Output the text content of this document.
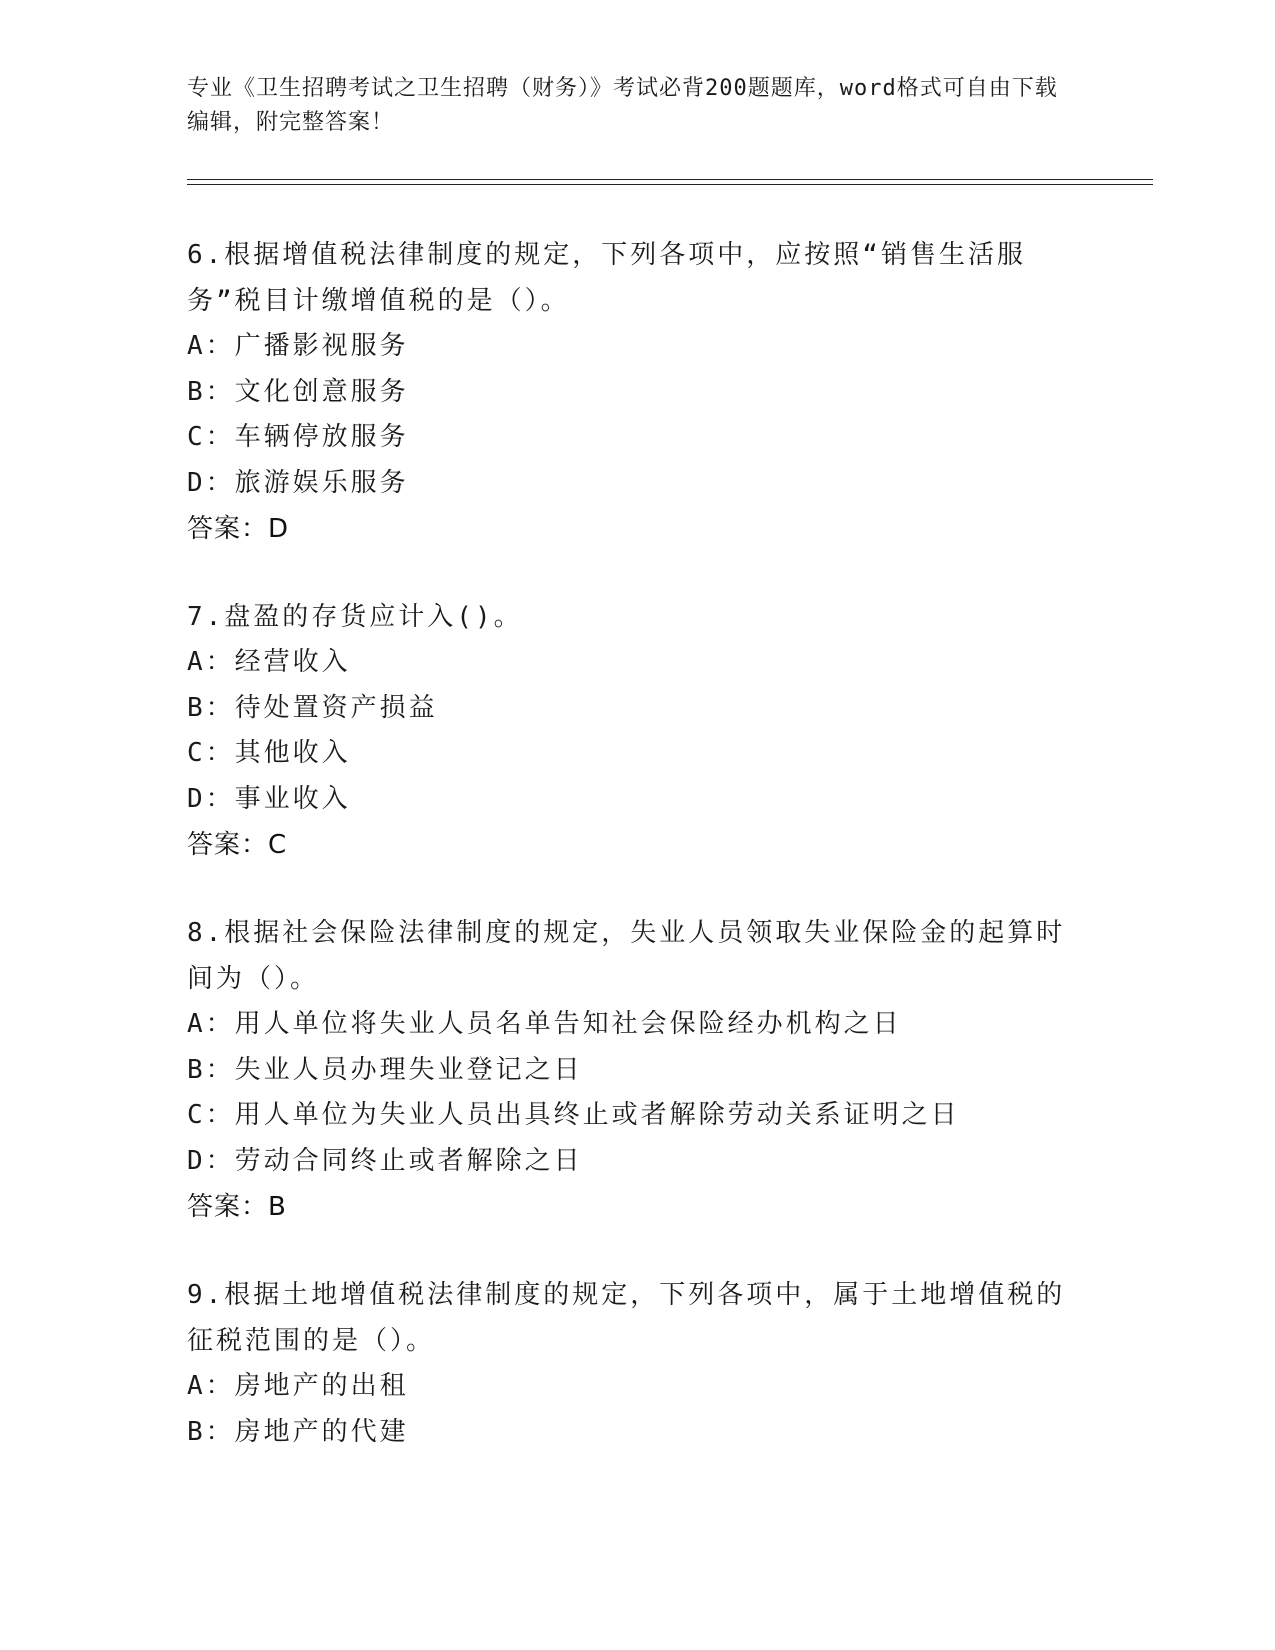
专业《卫生招聘考试之卫生招聘（财务）》考试必背200题题库，word格式可自由下载编辑，附完整答案！
6.根据增值税法律制度的规定，下列各项中，应按照“销售生活服务”税目计缴增值税的是（）。
A：广播影视服务
B：文化创意服务
C：车辆停放服务
D：旅游娱乐服务
答案：D
7.盘盈的存货应计入()。
A：经营收入
B：待处置资产损益
C：其他收入
D：事业收入
答案：C
8.根据社会保险法律制度的规定，失业人员领取失业保险金的起算时间为（）。
A：用人单位将失业人员名单告知社会保险经办机构之日
B：失业人员办理失业登记之日
C：用人单位为失业人员出具终止或者解除劳动关系证明之日
D：劳动合同终止或者解除之日
答案：B
9.根据土地增值税法律制度的规定，下列各项中，属于土地增值税的征税范围的是（）。
A：房地产的出租
B：房地产的代建
